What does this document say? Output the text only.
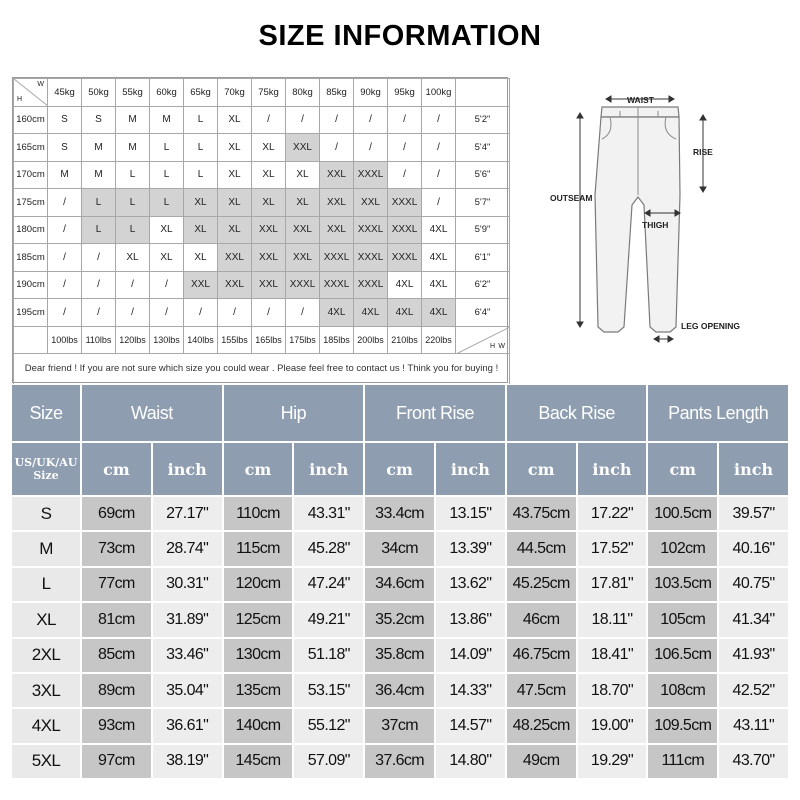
SIZE INFORMATION
H
W	45kg	50kg	55kg	60kg	65kg	70kg	75kg	80kg	85kg	90kg	95kg	100kg	
160cm	S	S	M	M	L	XL	/	/	/	/	/	/	5'2"
165cm	S	M	M	L	L	XL	XL	XXL	/	/	/	/	5'4"
170cm	M	M	L	L	L	XL	XL	XL	XXL	XXXL	/	/	5'6"
175cm	/	L	L	L	XL	XL	XL	XL	XXL	XXL	XXXL	/	5'7"
180cm	/	L	L	XL	XL	XL	XXL	XXL	XXL	XXXL	XXXL	4XL	5'9"
185cm	/	/	XL	XL	XL	XXL	XXL	XXL	XXXL	XXXL	XXXL	4XL	6'1"
190cm	/	/	/	/	XXL	XXL	XXL	XXXL	XXXL	XXXL	4XL	4XL	6'2"
195cm	/	/	/	/	/	/	/	/	4XL	4XL	4XL	4XL	6'4"
	100lbs	110lbs	120lbs	130lbs	140lbs	155lbs	165lbs	175lbs	185lbs	200lbs	210lbs	220lbs	H W

Dear friend ! If you are not sure which size you could wear . Please feel free to contact us ! Think you for buying !													
WAIST
RISE
OUTSEAM
THIGH
LEG OPENING
Size	Waist		Hip		Front Rise		Back Rise		Pants Length	
US/UK/AU Size	cm	inch	cm	inch	cm	inch	cm	inch	cm	inch
S	69cm	27.17"	110cm	43.31"	33.4cm	13.15"	43.75cm	17.22"	100.5cm	39.57"
M	73cm	28.74"	115cm	45.28"	34cm	13.39"	44.5cm	17.52"	102cm	40.16"
L	77cm	30.31"	120cm	47.24"	34.6cm	13.62"	45.25cm	17.81"	103.5cm	40.75"
XL	81cm	31.89"	125cm	49.21"	35.2cm	13.86"	46cm	18.11"	105cm	41.34"
2XL	85cm	33.46"	130cm	51.18"	35.8cm	14.09"	46.75cm	18.41"	106.5cm	41.93"
3XL	89cm	35.04"	135cm	53.15"	36.4cm	14.33"	47.5cm	18.70"	108cm	42.52"
4XL	93cm	36.61"	140cm	55.12"	37cm	14.57"	48.25cm	19.00"	109.5cm	43.11"
5XL	97cm	38.19"	145cm	57.09"	37.6cm	14.80"	49cm	19.29"	111cm	43.70"
